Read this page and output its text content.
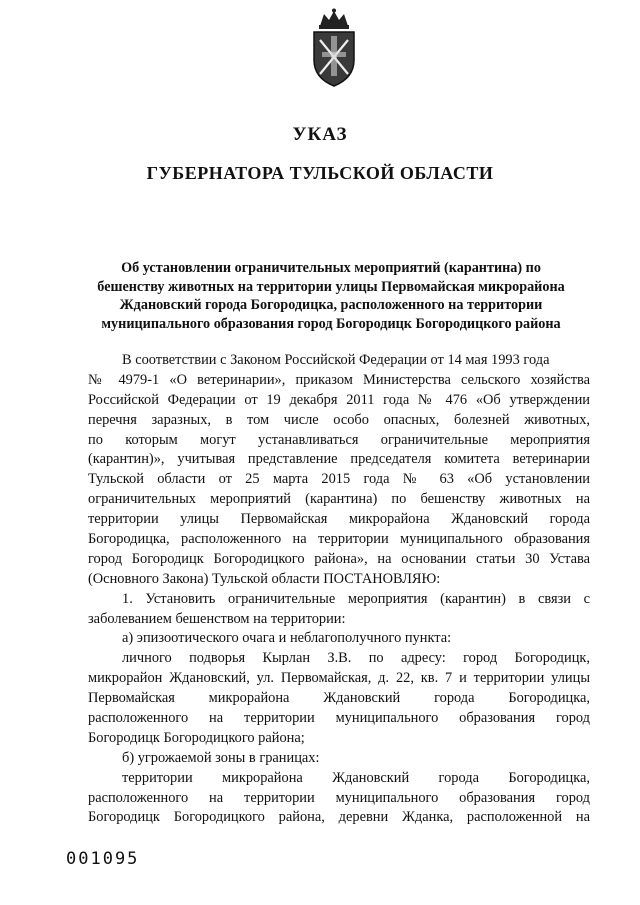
УКАЗ
ГУБЕРНАТОРА ТУЛЬСКОЙ ОБЛАСТИ
Об установлении ограничительных мероприятий (карантина) по
бешенству животных на территории улицы Первомайская микрорайона
Ждановский города Богородицка, расположенного на территории
муниципального образования город Богородицк Богородицкого района
В соответствии с Законом Российской Федерации от 14 мая 1993 года
№ 4979-1 «О ветеринарии», приказом Министерства сельского хозяйства
Российской Федерации от 19 декабря 2011 года № 476 «Об утверждении
перечня заразных, в том числе особо опасных, болезней животных,
по которым могут устанавливаться ограничительные мероприятия
(карантин)», учитывая представление председателя комитета ветеринарии
Тульской области от 25 марта 2015 года № 63 «Об установлении
ограничительных мероприятий (карантина) по бешенству животных на
территории улицы Первомайская микрорайона Ждановский города
Богородицка, расположенного на территории муниципального образования
город Богородицк Богородицкого района», на основании статьи 30 Устава
(Основного Закона) Тульской области ПОСТАНОВЛЯЮ:
1. Установить ограничительные мероприятия (карантин) в связи с
заболеванием бешенством на территории:
а) эпизоотического очага и неблагополучного пункта:
личного подворья Кырлан З.В. по адресу: город Богородицк,
микрорайон Ждановский, ул. Первомайская, д. 22, кв. 7 и территории улицы
Первомайская микрорайона Ждановский города Богородицка,
расположенного на территории муниципального образования город
Богородицк Богородицкого района;
б) угрожаемой зоны в границах:
территории микрорайона Ждановский города Богородицка,
расположенного на территории муниципального образования город
Богородицк Богородицкого района, деревни Жданка, расположенной на
001095
